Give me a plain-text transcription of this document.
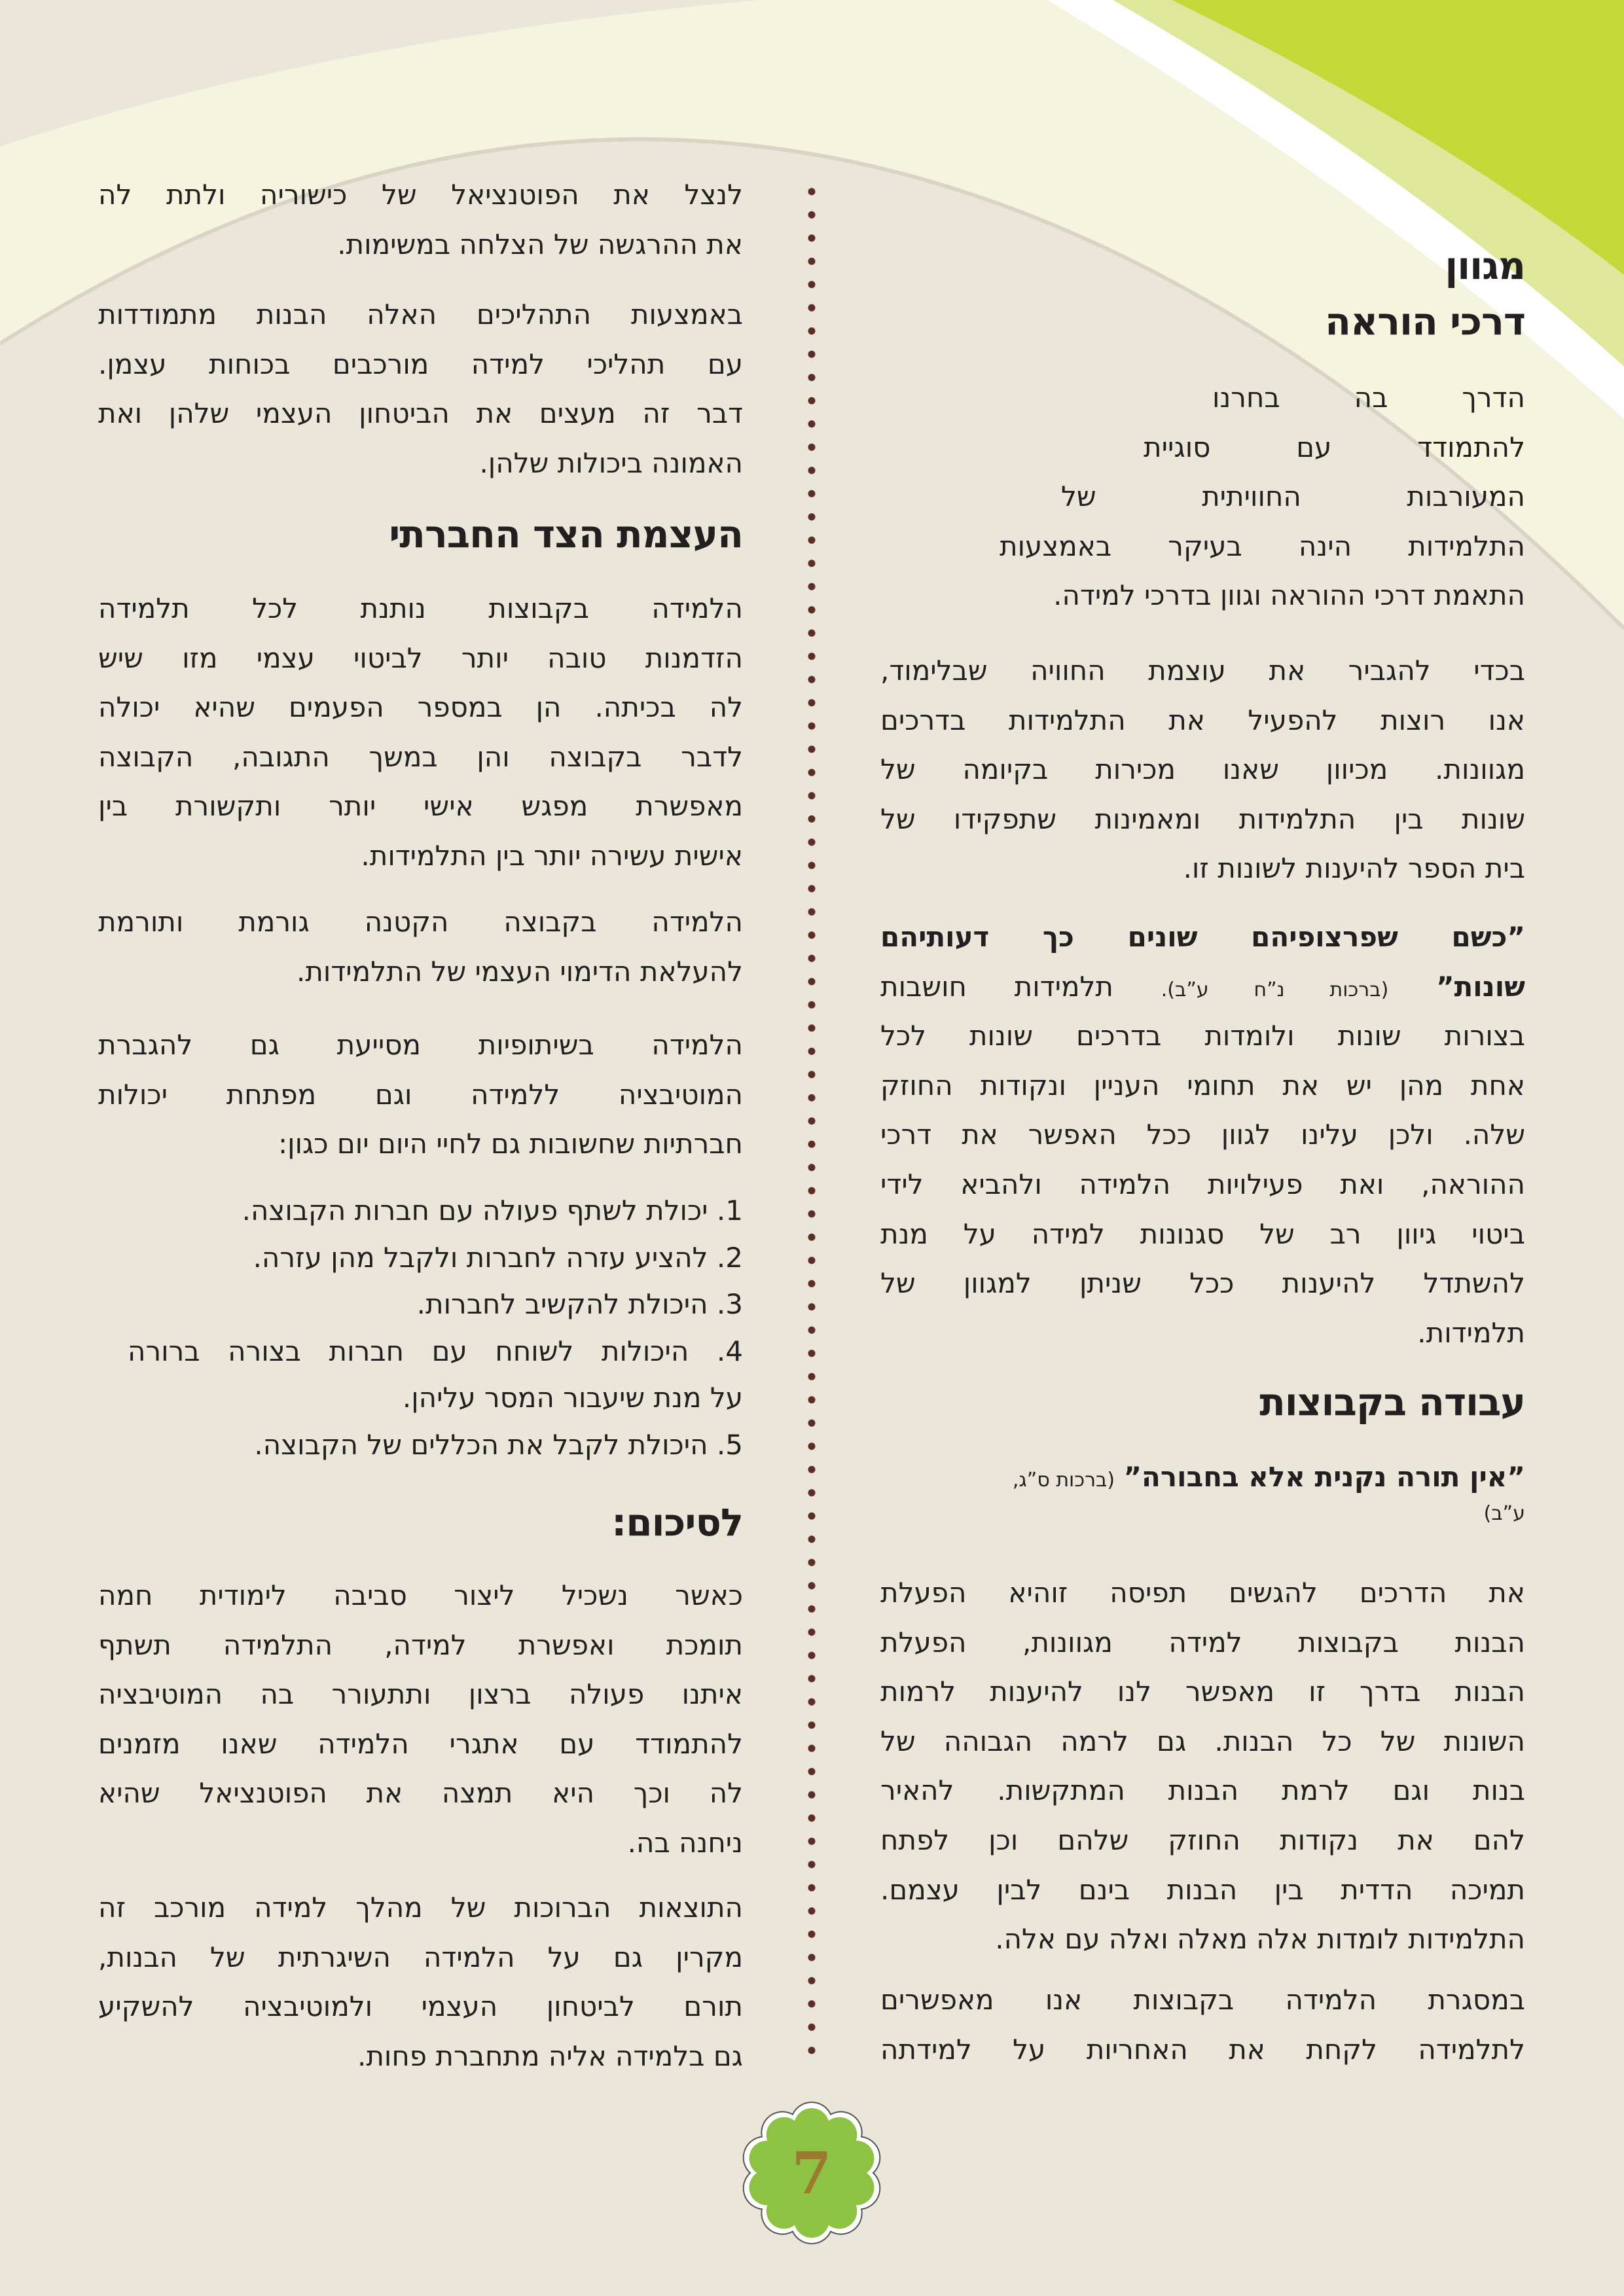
מגוון
דרכי הוראה
הדרך בה בחרנו
להתמודד עם סוגיית
המעורבות החוויתית של
התלמידות הינה בעיקר באמצעות
התאמת דרכי ההוראה וגוון בדרכי למידה.
בכדי להגביר את עוצמת החוויה שבלימוד,
אנו רוצות להפעיל את התלמידות בדרכים
מגוונות. מכיוון שאנו מכירות בקיומה של
שונות בין התלמידות ומאמינות שתפקידו של
בית הספר להיענות לשונות זו.
”כשם שפרצופיהם שונים כך דעותיהם
שונות” (ברכות נ”ח ע”ב). תלמידות חושבות
בצורות שונות ולומדות בדרכים שונות לכל
אחת מהן יש את תחומי העניין ונקודות החוזק
שלה. ולכן עלינו לגוון ככל האפשר את דרכי
ההוראה, ואת פעילויות הלמידה ולהביא לידי
ביטוי גיוון רב של סגנונות למידה על מנת
להשתדל להיענות ככל שניתן למגוון של
תלמידות.
עבודה בקבוצות
”אין תורה נקנית אלא בחבורה” (ברכות ס”ג,
ע”ב)
את הדרכים להגשים תפיסה זוהיא הפעלת
הבנות בקבוצות למידה מגוונות, הפעלת
הבנות בדרך זו מאפשר לנו להיענות לרמות
השונות של כל הבנות. גם לרמה הגבוהה של
בנות וגם לרמת הבנות המתקשות. להאיר
להם את נקודות החוזק שלהם וכן לפתח
תמיכה הדדית בין הבנות בינם לבין עצמם.
התלמידות לומדות אלה מאלה ואלה עם אלה.
במסגרת הלמידה בקבוצות אנו מאפשרים
לתלמידה לקחת את האחריות על למידתה
לנצל את הפוטנציאל של כישוריה ולתת לה
את ההרגשה של הצלחה במשימות.
באמצעות התהליכים האלה הבנות מתמודדות
עם תהליכי למידה מורכבים בכוחות עצמן.
דבר זה מעצים את הביטחון העצמי שלהן ואת
האמונה ביכולות שלהן.
העצמת הצד החברתי
הלמידה בקבוצות נותנת לכל תלמידה
הזדמנות טובה יותר לביטוי עצמי מזו שיש
לה בכיתה. הן במספר הפעמים שהיא יכולה
לדבר בקבוצה והן במשך התגובה, הקבוצה
מאפשרת מפגש אישי יותר ותקשורת בין
אישית עשירה יותר בין התלמידות.
הלמידה בקבוצה הקטנה גורמת ותורמת
להעלאת הדימוי העצמי של התלמידות.
הלמידה בשיתופיות מסייעת גם להגברת
המוטיבציה ללמידה וגם מפתחת יכולות
חברתיות שחשובות גם לחיי היום יום כגון:
1. יכולת לשתף פעולה עם חברות הקבוצה.
2. להציע עזרה לחברות ולקבל מהן עזרה.
3. היכולת להקשיב לחברות.
4. היכולות לשוחח עם חברות בצורה ברורה
על מנת שיעבור המסר עליהן.
5. היכולת לקבל את הכללים של הקבוצה.
לסיכום:
כאשר נשכיל ליצור סביבה לימודית חמה
תומכת ואפשרת למידה, התלמידה תשתף
איתנו פעולה ברצון ותתעורר בה המוטיבציה
להתמודד עם אתגרי הלמידה שאנו מזמנים
לה וכך היא תמצה את הפוטנציאל שהיא
ניחנה בה.
התוצאות הברוכות של מהלך למידה מורכב זה
מקרין גם על הלמידה השיגרתית של הבנות,
תורם לביטחון העצמי ולמוטיבציה להשקיע
גם בלמידה אליה מתחברת פחות.
7
